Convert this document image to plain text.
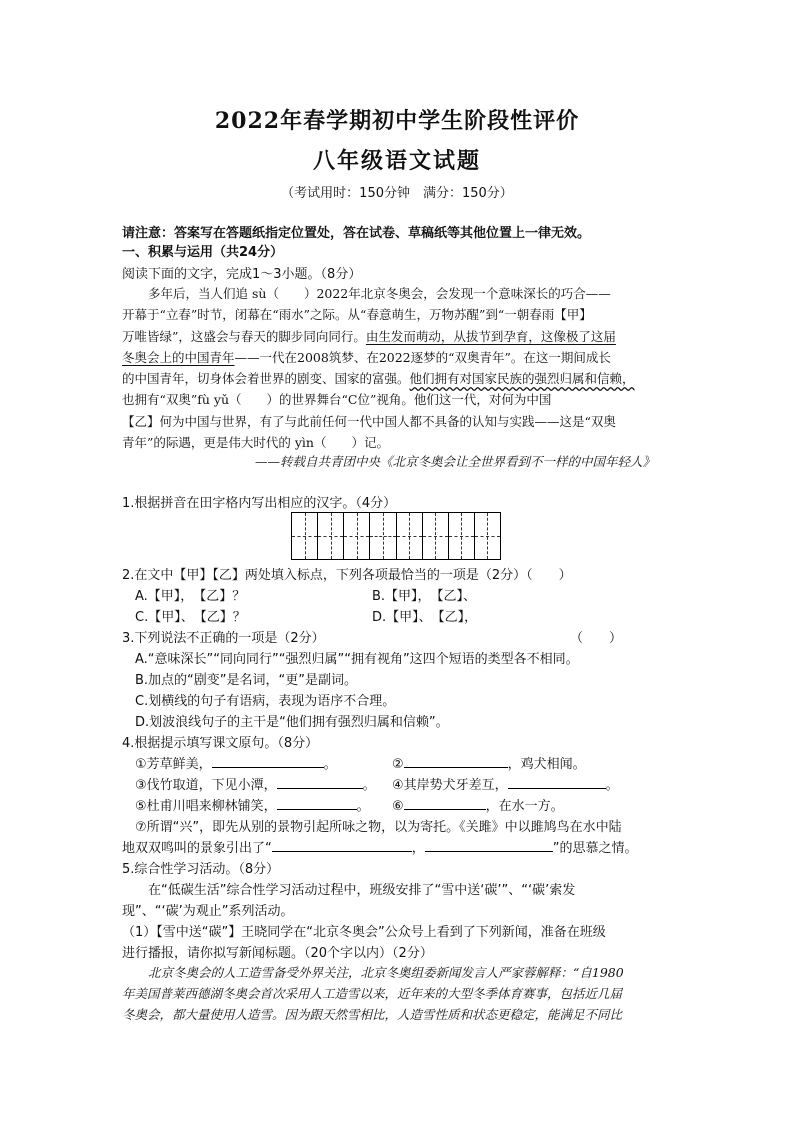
2022年春学期初中学生阶段性评价
八年级语文试题
（考试用时：150分钟　满分：150分）
请注意：答案写在答题纸指定位置处，答在试卷、草稿纸等其他位置上一律无效。
一、积累与运用（共24分）
阅读下面的文字，完成1～3小题。（8分）

多年后，当人们追 sù（　　）2022年北京冬奥会，会发现一个意味深长的巧合——

开幕于“立春”时节，闭幕在“雨水”之际。从“春意萌生，万物苏醒”到“一朝春雨【甲】

万唯皆绿”，这盛会与春天的脚步同向同行。由生发而萌动，从拔节到孕育，这像极了这届

冬奥会上的中国青年——一代在2008筑梦、在2022逐梦的“双奥青年”。在这一期间成长

的中国青年，切身体会着世界的剧变、国家的富强。他们拥有对国家民族的强烈归属和信赖，

也拥有“双奥”fù yǔ（　　）的世界舞台“C位”视角。他们这一代，对何为中国

【乙】何为中国与世界，有了与此前任何一代中国人都不具备的认知与实践——这是“双奥

青年”的际遇，更是伟大时代的 yìn（　　）记。

——转载自共青团中央《北京冬奥会让全世界看到不一样的中国年轻人》
1.根据拼音在田字格内写出相应的汉字。（4分）
2.在文中【甲】【乙】两处填入标点，下列各项最恰当的一项是（2分）（　　）
A.【甲】，　【乙】？	B.【甲】，　【乙】、
C.【甲】、　【乙】？	D.【甲】、　【乙】，
3.下列说法不正确的一项是（2分）	（　　）
A.“意味深长”“同向同行”“强烈归属”“拥有视角”这四个短语的类型各不相同。
B.加点的“剧变”是名词，“更”是副词。
C.划横线的句子有语病，表现为语序不合理。
D.划波浪线句子的主干是“他们拥有强烈归属和信赖”。
4.根据提示填写课文原句。（8分）
①芳草鲜美，	。	②	，鸡犬相闻。
③伐竹取道，下见小潭，	。 ④其岸势犬牙差互，	。
⑤杜甫川唱来柳林铺笑，	。 ⑥	，在水一方。
⑦所谓“兴”，即先从别的景物引起所咏之物，以为寄托。《关雎》中以雎鸠鸟在水中陆
地双双鸣叫的景象引出了“	，	”的思慕之情。
5.综合性学习活动。（8分）
在“低碳生活”综合性学习活动过程中，班级安排了“雪中送‘碳’”、“‘碳’索发
现”、“‘碳’为观止”系列活动。
（1）【雪中送“碳”】王晓同学在“北京冬奥会”公众号上看到了下列新闻，准备在班级
进行播报，请你拟写新闻标题。（20个字以内）（2分）

北京冬奥会的人工造雪备受外界关注，北京冬奥组委新闻发言人严家蓉解释：“自1980

年美国普莱西德湖冬奥会首次采用人工造雪以来，近年来的大型冬季体育赛事，包括近几届

冬奥会，都大量使用人造雪。因为跟天然雪相比，人造雪性质和状态更稳定，能满足不同比
